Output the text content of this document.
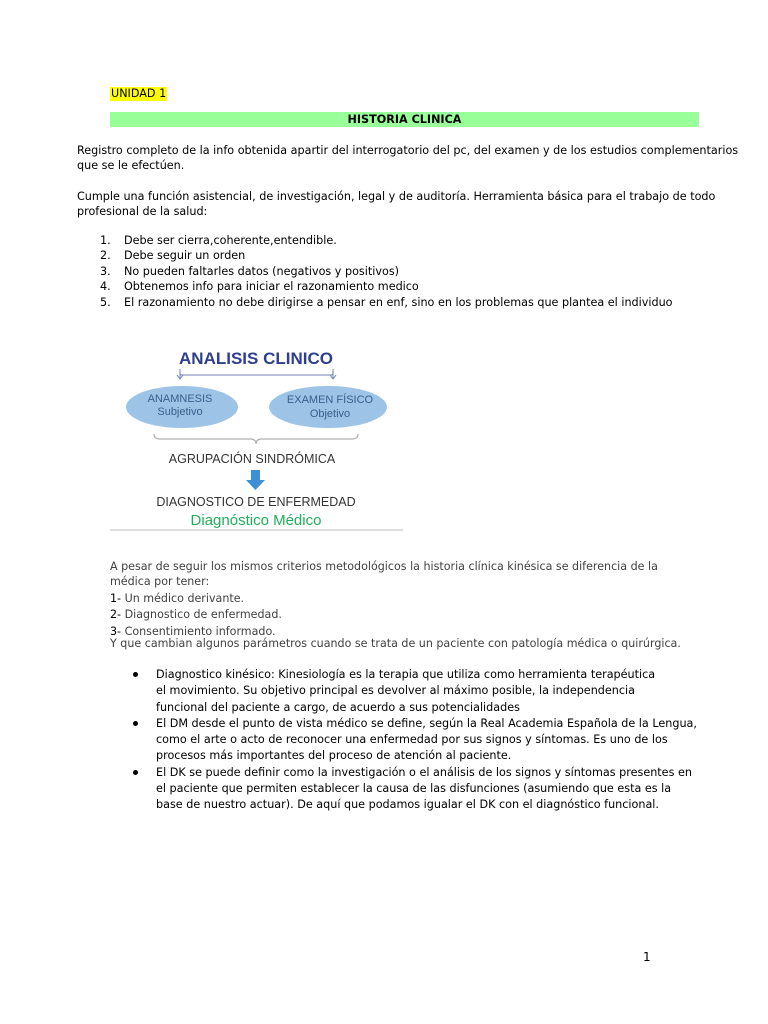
UNIDAD 1
HISTORIA CLINICA
Registro completo de la info obtenida apartir del interrogatorio del pc, del examen y de los estudios complementarios
que se le efectúen.
Cumple una función asistencial, de investigación, legal y de auditoría. Herramienta básica para el trabajo de todo
profesional de la salud:
1. Debe ser cierra,coherente,entendible.
2. Debe seguir un orden
3. No pueden faltarles datos (negativos y positivos)
4. Obtenemos info para iniciar el razonamiento medico
5. El razonamiento no debe dirigirse a pensar en enf, sino en los problemas que plantea el individuo
ANALISIS CLINICO
ANAMNESIS
Subjetivo
EXAMEN FÍSICO
Objetivo
AGRUPACIÓN SINDRÓMICA
DIAGNOSTICO DE ENFERMEDAD
Diagnóstico Médico
A pesar de seguir los mismos criterios metodológicos la historia clínica kinésica se diferencia de la
médica por tener:
1- Un médico derivante.
2- Diagnostico de enfermedad.
3- Consentimiento informado.
Y que cambian algunos parámetros cuando se trata de un paciente con patología médica o quirúrgica.
Diagnostico kinésico: Kinesiología es la terapia que utiliza como herramienta terapéutica
el movimiento. Su objetivo principal es devolver al máximo posible, la independencia
funcional del paciente a cargo, de acuerdo a sus potencialidades
El DM desde el punto de vista médico se define, según la Real Academia Española de la Lengua,
como el arte o acto de reconocer una enfermedad por sus signos y síntomas. Es uno de los
procesos más importantes del proceso de atención al paciente.
El DK se puede definir como la investigación o el análisis de los signos y síntomas presentes en
el paciente que permiten establecer la causa de las disfunciones (asumiendo que esta es la
base de nuestro actuar). De aquí que podamos igualar el DK con el diagnóstico funcional.
1
